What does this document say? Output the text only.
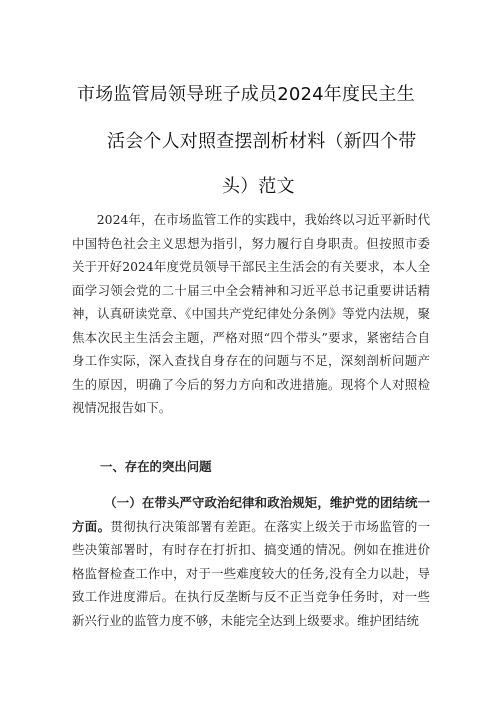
市场监管局领导班子成员2024年度民主生
活会个人对照查摆剖析材料（新四个带
头）范文
2024年，在市场监管工作的实践中，我始终以习近平新时代中国特色社会主义思想为指引，努力履行自身职责。但按照市委关于开好2024年度党员领导干部民主生活会的有关要求，本人全面学习领会党的二十届三中全会精神和习近平总书记重要讲话精神，认真研读党章、《中国共产党纪律处分条例》等党内法规，聚焦本次民主生活会主题，严格对照“四个带头”要求，紧密结合自身工作实际，深入查找自身存在的问题与不足，深刻剖析问题产生的原因，明确了今后的努力方向和改进措施。现将个人对照检视情况报告如下。
一、存在的突出问题
（一）在带头严守政治纪律和政治规矩，维护党的团结统一方面。贯彻执行决策部署有差距。在落实上级关于市场监管的一些决策部署时，有时存在打折扣、搞变通的情况。例如在推进价格监督检查工作中，对于一些难度较大的任务,没有全力以赴，导致工作进度滞后。在执行反垄断与反不正当竞争任务时，对一些新兴行业的监管力度不够，未能完全达到上级要求。维护团结统
